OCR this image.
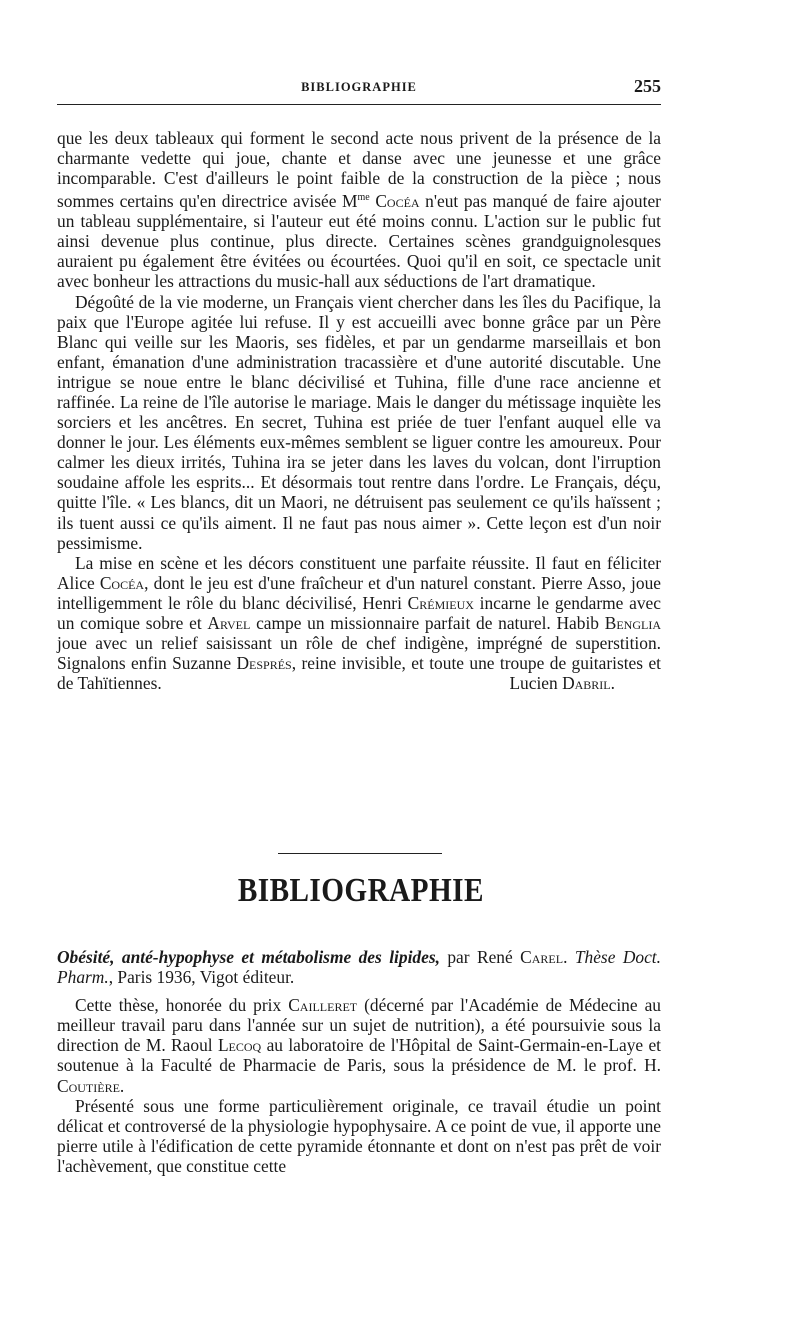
BIBLIOGRAPHIE	255

que les deux tableaux qui forment le second acte nous privent de la présence de la charmante vedette qui joue, chante et danse avec une jeunesse et une grâce incomparable. C'est d'ailleurs le point faible de la construction de la pièce ; nous sommes certains qu'en directrice avisée $M^{me}$ Cocéa n'eut pas manqué de faire ajouter un tableau supplémentaire, si l'auteur eut été moins connu. L'action sur le public fut ainsi devenue plus continue, plus directe. Certaines scènes grandguignolesques auraient pu également être évitées ou écourtées. Quoi qu'il en soit, ce spectacle unit avec bonheur les attractions du music-hall aux séductions de l'art dramatique.

Dégoûté de la vie moderne, un Français vient chercher dans les îles du Pacifique, la paix que l'Europe agitée lui refuse. Il y est accueilli avec bonne grâce par un Père Blanc qui veille sur les Maoris, ses fidèles, et par un gendarme marseillais et bon enfant, émanation d'une administration tracassière et d'une autorité discutable. Une intrigue se noue entre le blanc décivilisé et Tuhina, fille d'une race ancienne et raffinée. La reine de l'île autorise le mariage. Mais le danger du métissage inquiète les sorciers et les ancêtres. En secret, Tuhina est priée de tuer l'enfant auquel elle va donner le jour. Les éléments eux-mêmes semblent se liguer contre les amoureux. Pour calmer les dieux irrités, Tuhina ira se jeter dans les laves du volcan, dont l'irruption soudaine affole les esprits... Et désormais tout rentre dans l'ordre. Le Français, déçu, quitte l'île. « Les blancs, dit un Maori, ne détruisent pas seulement ce qu'ils haïssent ; ils tuent aussi ce qu'ils aiment. Il ne faut pas nous aimer ». Cette leçon est d'un noir pessimisme.

La mise en scène et les décors constituent une parfaite réussite. Il faut en féliciter Alice Cocéa, dont le jeu est d'une fraîcheur et d'un naturel constant. Pierre Asso, joue intelligemment le rôle du blanc décivilisé, Henri Crémieux incarne le gendarme avec un comique sobre et Arvel campe un missionnaire parfait de naturel. Habib Benglia joue avec un relief saisissant un rôle de chef indigène, imprégné de superstition. Signalons enfin Suzanne Després, reine invisible, et toute une troupe de guitaristes et de Tahïtiennes.	Lucien Dabril.

BIBLIOGRAPHIE

Obésité, anté-hypophyse et métabolisme des lipides, par René Carel. Thèse Doct. Pharm., Paris 1936, Vigot éditeur.

Cette thèse, honorée du prix Cailleret (décerné par l'Académie de Médecine au meilleur travail paru dans l'année sur un sujet de nutrition), a été poursuivie sous la direction de M. Raoul Lecoq au laboratoire de l'Hôpital de Saint-Germain-en-Laye et soutenue à la Faculté de Pharmacie de Paris, sous la présidence de M. le prof. H. Coutière.

Présenté sous une forme particulièrement originale, ce travail étudie un point délicat et controversé de la physiologie hypophysaire. A ce point de vue, il apporte une pierre utile à l'édification de cette pyramide étonnante et dont on n'est pas prêt de voir l'achèvement, que constitue cette
